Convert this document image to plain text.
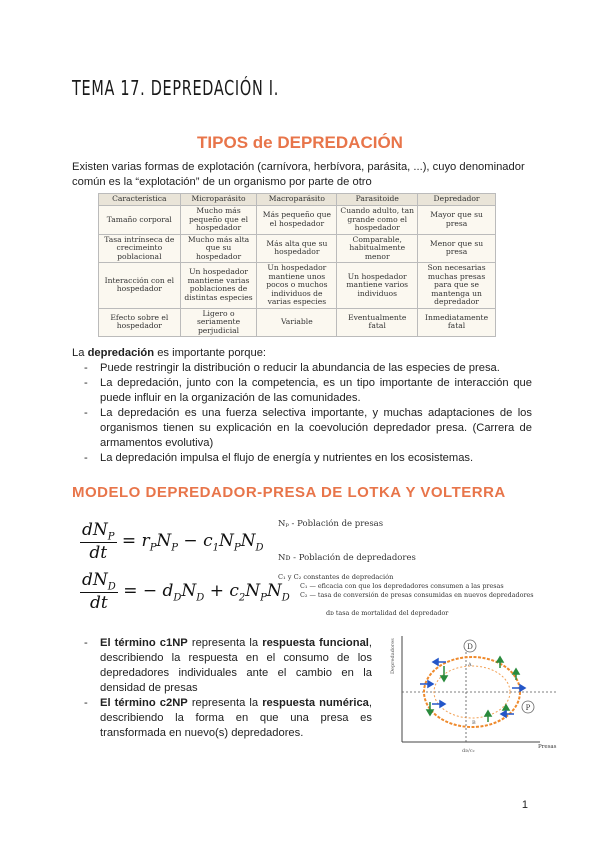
TEMA 17. DEPREDACIÓN I.
TIPOS de DEPREDACIÓN
Existen varias formas de explotación (carnívora, herbívora, parásita, ...), cuyo denominador común es la “explotación” de un organismo por parte de otro
Característica	Microparásito	Macroparásito	Parasitoide	Depredador
Tamaño corporal	Mucho más pequeño que el hospedador	Más pequeño que el hospedador	Cuando adulto, tan grande como el hospedador	Mayor que su presa
Tasa intrínseca de crecimeinto poblacional	Mucho más alta que su hospedador	Más alta que su hospedador	Comparable, habitualmente menor	Menor que su presa
Interacción con el hospedador	Un hospedador mantiene varias poblaciones de distintas especies	Un hospedador mantiene unos pocos o muchos individuos de varias especies	Un hospedador mantiene varios individuos	Son necesarias muchas presas para que se mantenga un depredador
Efecto sobre el hospedador	Ligero o seriamente perjudicial	Variable	Eventualmente fatal	Inmediatamente fatal
La depredación es importante porque:
- Puede restringir la distribución o reducir la abundancia de las especies de presa.
- La depredación, junto con la competencia, es un tipo importante de interacción que puede influir en la organización de las comunidades.
- La depredación es una fuerza selectiva importante, y muchas adaptaciones de los organismos tienen su explicación en la coevolución depredador presa. (Carrera de armamentos evolutiva)
- La depredación impulsa el flujo de energía y nutrientes en los ecosistemas.
MODELO DEPREDADOR-PRESA DE LOTKA Y VOLTERRA
$\frac{dN_P}{dt} = r_PN_P - c_1N_PN_D$
$\frac{dN_D}{dt}$ = − $d_DN_D + c_2N_PN_D$
Nₚ - Población de presas
Nᴅ - Población de depredadores
C₁ y C₂ constantes de depredación
C₁ — eficacia con que los depredadores consumen a las presas
C₂ — tasa de conversión de presas consumidas en nuevos depredadores
dᴅ tasa de mortalidad del depredador
- El término c1NP representa la respuesta funcional, describiendo la respuesta en el consumo de los depredadores individuales ante el cambio en la densidad de presas
- El término c2NP representa la respuesta numérica, describiendo la forma en que una presa es transformada en nuevo(s) depredadores.
D
P
A
B
Depredadores
Presas
dᴅ/c₂
1
